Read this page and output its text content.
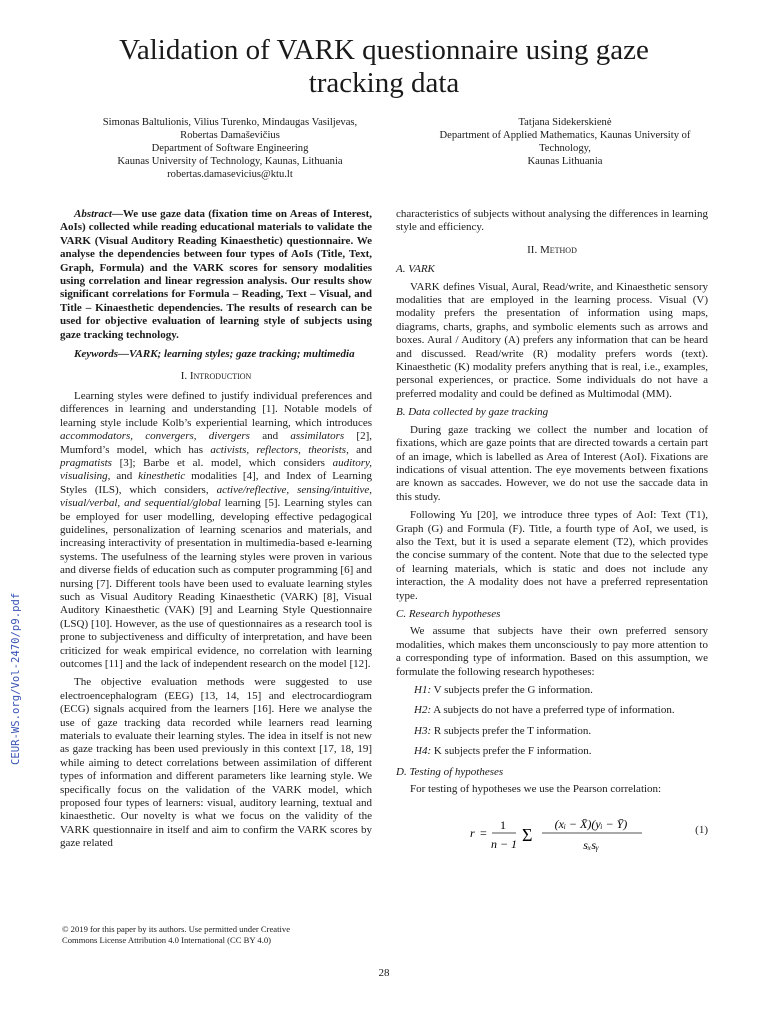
Validation of VARK questionnaire using gaze tracking data
Simonas Baltulionis, Vilius Turenko, Mindaugas Vasiljevas,
Robertas Damaševičius
Department of Software Engineering
Kaunas University of Technology, Kaunas, Lithuania
robertas.damasevicius@ktu.lt
Tatjana Sidekerskienė
Department of Applied Mathematics, Kaunas University of
Technology,
Kaunas Lithuania

Abstract—We use gaze data (fixation time on Areas of Interest, AoIs) collected while reading educational materials to validate the VARK (Visual Auditory Reading Kinaesthetic) questionnaire. We analyse the dependencies between four types of AoIs (Title, Text, Graph, Formula) and the VARK scores for sensory modalities using correlation and linear regression analysis. Our results show significant correlations for Formula – Reading, Text – Visual, and Title – Kinaesthetic dependencies. The results of research can be used for objective evaluation of learning style of subjects using gaze tracking technology.

Keywords—VARK; learning styles; gaze tracking; multimedia

I. Introduction

Learning styles were defined to justify individual preferences and differences in learning and understanding [1]. Notable models of learning style include Kolb’s experiential learning, which introduces accommodators, convergers, divergers and assimilators [2], Mumford’s model, which has activists, reflectors, theorists, and pragmatists [3]; Barbe et al. model, which considers auditory, visualising, and kinesthetic modalities [4], and Index of Learning Styles (ILS), which considers, active/reflective, sensing/intuitive, visual/verbal, and sequential/global learning [5]. Learning styles can be employed for user modelling, developing effective pedagogical guidelines, personalization of learning scenarios and materials, and increasing interactivity of presentation in multimedia-based e-learning systems. The usefulness of the learning styles were proven in various and diverse fields of education such as computer programming [6] and nursing [7]. Different tools have been used to evaluate learning styles such as Visual Auditory Reading Kinaesthetic (VARK) [8], Visual Auditory Kinaesthetic (VAK) [9] and Learning Style Questionnaire (LSQ) [10]. However, as the use of questionnaires as a research tool is prone to subjectiveness and difficulty of interpretation, and have been criticized for weak empirical evidence, no correlation with learning outcomes [11] and the lack of independent research on the model [12].

The objective evaluation methods were suggested to use electroencephalogram (EEG) [13, 14, 15] and electrocardiogram (ECG) signals acquired from the learners [16]. Here we analyse the use of gaze tracking data recorded while learners read learning materials to evaluate their learning styles. The idea in itself is not new as gaze tracking has been used previously in this context [17, 18, 19] while aiming to detect correlations between assimilation of different types of information and different parameters like learning style. We specifically focus on the validation of the VARK model, which proposed four types of learners: visual, auditory learning, textual and kinaesthetic. Our novelty is what we focus on the validity of the VARK questionnaire in itself and aim to confirm the VARK scores by gaze related

characteristics of subjects without analysing the differences in learning style and efficiency.

II. Method
A. VARK

VARK defines Visual, Aural, Read/write, and Kinaesthetic sensory modalities that are employed in the learning process. Visual (V) modality prefers the presentation of information using maps, diagrams, charts, graphs, and symbolic elements such as arrows and boxes. Aural / Auditory (A) prefers any information that can be heard and discussed. Read/write (R) modality prefers words (text). Kinaesthetic (K) modality prefers anything that is real, i.e., examples, personal experiences, or practice. Some individuals do not have a preferred modality and could be defined as Multimodal (MM).

B. Data collected by gaze tracking

During gaze tracking we collect the number and location of fixations, which are gaze points that are directed towards a certain part of an image, which is labelled as Area of Interest (AoI). Fixations are indications of visual attention. The eye movements between fixations are known as saccades. However, we do not use the saccade data in this study.

Following Yu [20], we introduce three types of AoI: Text (T1), Graph (G) and Formula (F). Title, a fourth type of AoI, we used, is also the Text, but it is used a separate element (T2), which provides the concise summary of the content. Note that due to the selected type of learning materials, which is static and does not include any interaction, the A modality does not have a preferred representation type.

C. Research hypotheses

We assume that subjects have their own preferred sensory modalities, which makes them unconsciously to pay more attention to a corresponding type of information. Based on this assumption, we formulate the following research hypotheses:

H1: V subjects prefer the G information.
H2: A subjects do not have a preferred type of information.
H3: R subjects prefer the T information.
H4: K subjects prefer the F information.
D. Testing of hypotheses

For testing of hypotheses we use the Pearson correlation:

r =
1
n − 1 Σ
(xᵢ − X̄)(yᵢ − Ȳ)
sₓsᵧ
(1)
© 2019 for this paper by its authors. Use permitted under Creative
Commons License Attribution 4.0 International (CC BY 4.0)
28
CEUR-WS.org/Vol-2470/p9.pdf
